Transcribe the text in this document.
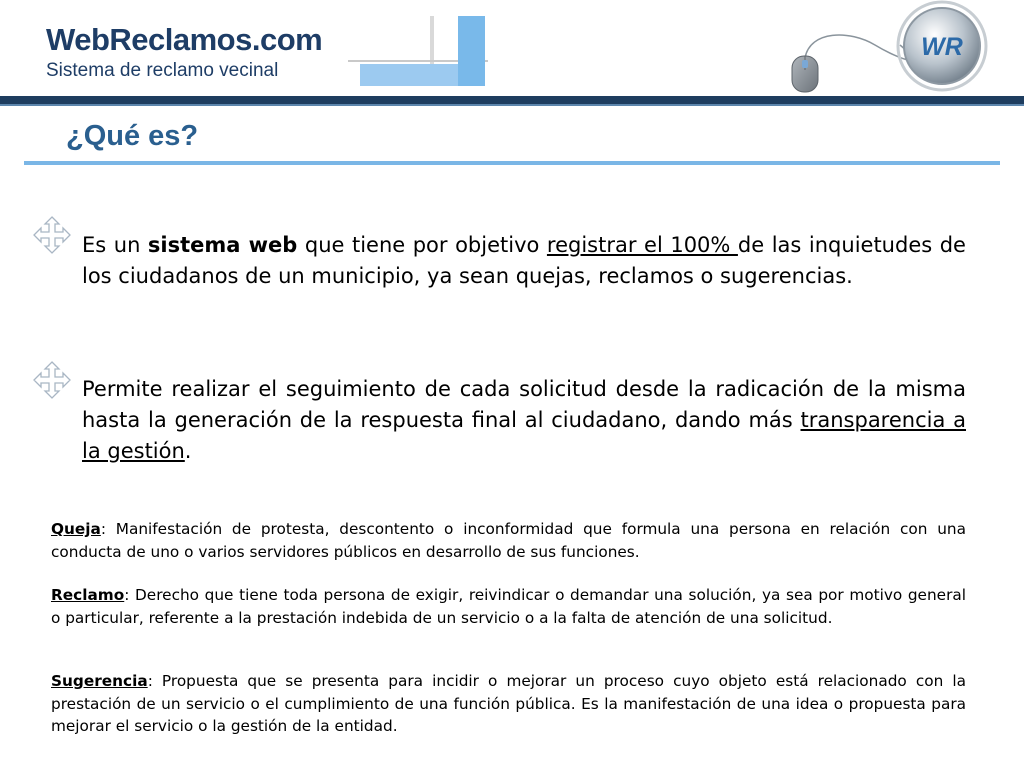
WebReclamos.com
Sistema de reclamo vecinal
WR
¿Qué es?

Es un sistema web que tiene por objetivo registrar el 100% de las inquietudes de los ciudadanos de un municipio, ya sean quejas, reclamos o sugerencias.

Permite realizar el seguimiento de cada solicitud desde la radicación de la misma hasta la generación de la respuesta final al ciudadano, dando más transparencia a la gestión.

Queja: Manifestación de protesta, descontento o inconformidad que formula una persona en relación con una conducta de uno o varios servidores públicos en desarrollo de sus funciones.

Reclamo: Derecho que tiene toda persona de exigir, reivindicar o demandar una solución, ya sea por motivo general o particular, referente a la prestación indebida de un servicio o a la falta de atención de una solicitud.

Sugerencia: Propuesta que se presenta para incidir o mejorar un proceso cuyo objeto está relacionado con la prestación de un servicio o el cumplimiento de una función pública. Es la manifestación de una idea o propuesta para mejorar el servicio o la gestión de la entidad.
